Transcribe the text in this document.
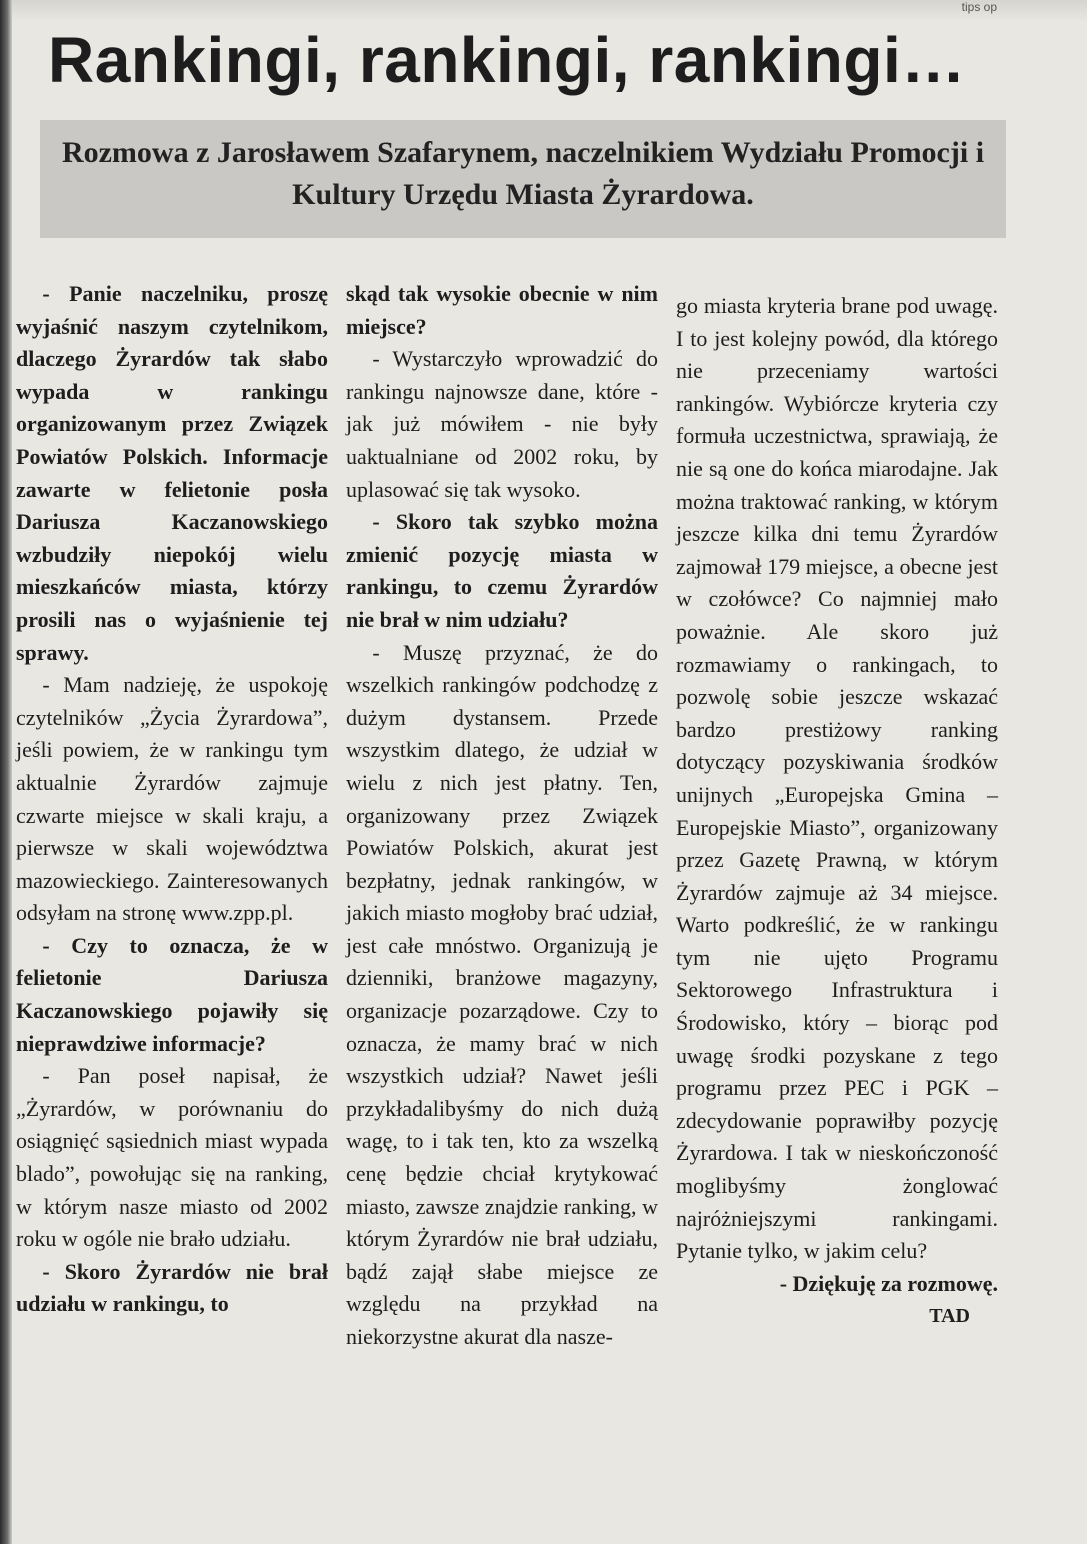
tips op
Rankingi, rankingi, rankingi…
Rozmowa z Jarosławem Szafarynem, naczelnikiem Wydziału Promocji i Kultury Urzędu Miasta Żyrardowa.

- Panie naczelniku, proszę wyjaśnić naszym czytelnikom, dlaczego Żyrardów tak słabo wypada w rankingu organizowanym przez Związek Powiatów Polskich. Informacje zawarte w felietonie posła Dariusza Kaczanowskiego wzbudziły niepokój wielu mieszkańców miasta, którzy prosili nas o wyjaśnienie tej sprawy.

- Mam nadzieję, że uspokoję czytelników „Życia Żyrardowa”, jeśli powiem, że w rankingu tym aktualnie Żyrardów zajmuje czwarte miejsce w skali kraju, a pierwsze w skali województwa mazowieckiego. Zainteresowanych odsyłam na stronę www.zpp.pl.

- Czy to oznacza, że w felietonie Dariusza Kaczanowskiego pojawiły się nieprawdziwe informacje?

- Pan poseł napisał, że „Żyrardów, w porównaniu do osiągnięć sąsiednich miast wypada blado”, powołując się na ranking, w którym nasze miasto od 2002 roku w ogóle nie brało udziału.

- Skoro Żyrardów nie brał udziału w rankingu, to

skąd tak wysokie obecnie w nim miejsce?

- Wystarczyło wprowadzić do rankingu najnowsze dane, które - jak już mówiłem - nie były uaktualniane od 2002 roku, by uplasować się tak wysoko.

- Skoro tak szybko można zmienić pozycję miasta w rankingu, to czemu Żyrardów nie brał w nim udziału?

- Muszę przyznać, że do wszelkich rankingów podchodzę z dużym dystansem. Przede wszystkim dlatego, że udział w wielu z nich jest płatny. Ten, organizowany przez Związek Powiatów Polskich, akurat jest bezpłatny, jednak rankingów, w jakich miasto mogłoby brać udział, jest całe mnóstwo. Organizują je dzienniki, branżowe magazyny, organizacje pozarządowe. Czy to oznacza, że mamy brać w nich wszystkich udział? Nawet jeśli przykładalibyśmy do nich dużą wagę, to i tak ten, kto za wszelką cenę będzie chciał krytykować miasto, zawsze znajdzie ranking, w którym Żyrardów nie brał udziału, bądź zajął słabe miejsce ze względu na przykład na niekorzystne akurat dla nasze-

go miasta kryteria brane pod uwagę. I to jest kolejny powód, dla którego nie przeceniamy wartości rankingów. Wybiórcze kryteria czy formuła uczestnictwa, sprawiają, że nie są one do końca miarodajne. Jak można traktować ranking, w którym jeszcze kilka dni temu Żyrardów zajmował 179 miejsce, a obecne jest w czołówce? Co najmniej mało poważnie. Ale skoro już rozmawiamy o rankingach, to pozwolę sobie jeszcze wskazać bardzo prestiżowy ranking dotyczący pozyskiwania środków unijnych „Europejska Gmina – Europejskie Miasto”, organizowany przez Gazetę Prawną, w którym Żyrardów zajmuje aż 34 miejsce. Warto podkreślić, że w rankingu tym nie ujęto Programu Sektorowego Infrastruktura i Środowisko, który – biorąc pod uwagę środki pozyskane z tego programu przez PEC i PGK – zdecydowanie poprawiłby pozycję Żyrardowa. I tak w nieskończoność moglibyśmy żonglować najróżniejszymi rankingami. Pytanie tylko, w jakim celu?

- Dziękuję za rozmowę.

TAD
